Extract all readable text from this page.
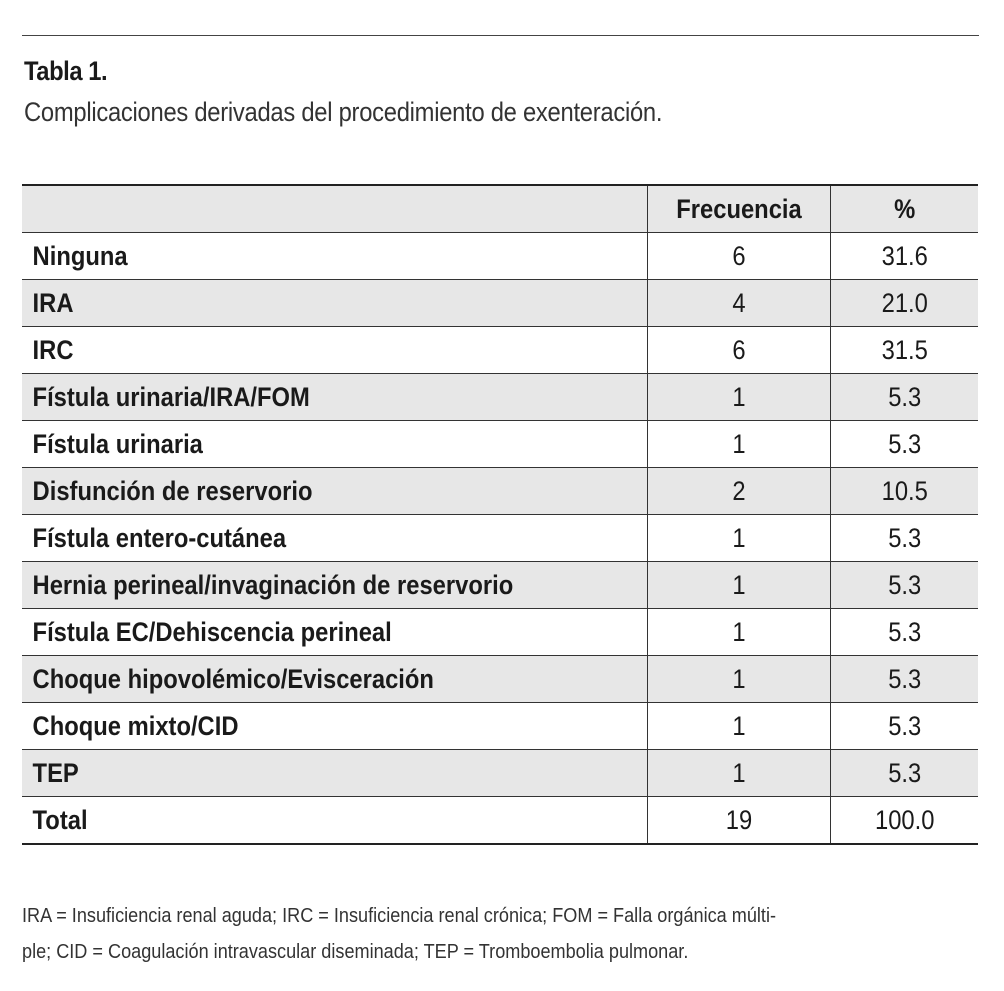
Tabla 1.
Complicaciones derivadas del procedimiento de exenteración.

	Frecuencia	%

Ninguna	6	31.6

IRA	4	21.0

IRC	6	31.5

Fístula urinaria/IRA/FOM	1	5.3

Fístula urinaria	1	5.3

Disfunción de reservorio	2	10.5

Fístula entero-cutánea	1	5.3

Hernia perineal/invaginación de reservorio	1	5.3

Fístula EC/Dehiscencia perineal	1	5.3

Choque hipovolémico/Evisceración	1	5.3

Choque mixto/CID	1	5.3

TEP	1	5.3

Total	19	100.0
IRA = Insuficiencia renal aguda; IRC = Insuficiencia renal crónica; FOM = Falla orgánica múlti-
ple; CID = Coagulación intravascular diseminada; TEP = Tromboembolia pulmonar.
